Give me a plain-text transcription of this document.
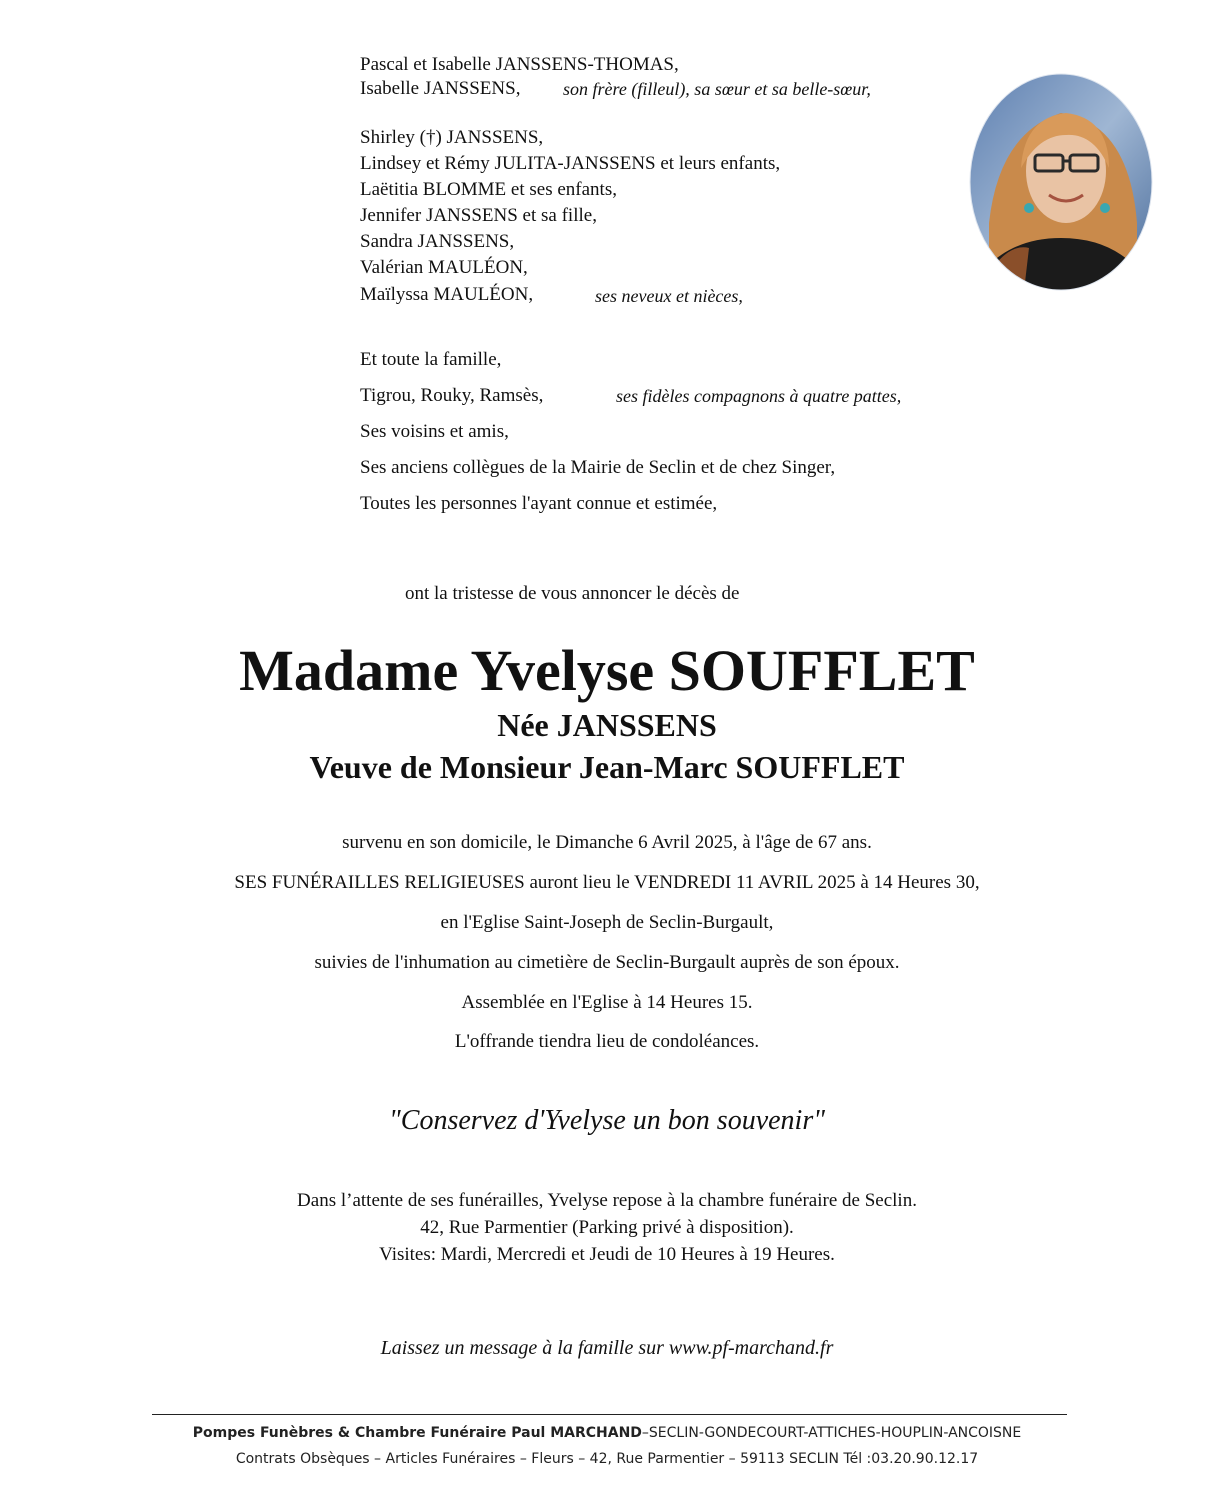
Pascal et Isabelle JANSSENS-THOMAS,
Isabelle JANSSENS, son frère (filleul), sa sœur et sa belle-sœur,
Shirley (†) JANSSENS,
Lindsey et Rémy JULITA-JANSSENS et leurs enfants,
Laëtitia BLOMME et ses enfants,
Jennifer JANSSENS et sa fille,
Sandra JANSSENS,
Valérian MAULÉON,
Maïlyssa MAULÉON,	ses neveux et nièces,
Et toute la famille,
Tigrou, Rouky, Ramsès,	ses fidèles compagnons à quatre pattes,
Ses voisins et amis,
Ses anciens collègues de la Mairie de Seclin et de chez Singer,
Toutes les personnes l'ayant connue et estimée,
ont la tristesse de vous annoncer le décès de
Madame Yvelyse SOUFFLET
Née JANSSENS
Veuve de Monsieur Jean-Marc SOUFFLET
survenu en son domicile, le Dimanche 6 Avril 2025, à l'âge de 67 ans.
SES FUNÉRAILLES RELIGIEUSES auront lieu le VENDREDI 11 AVRIL 2025 à 14 Heures 30,
en l'Eglise Saint-Joseph de Seclin-Burgault,
suivies de l'inhumation au cimetière de Seclin-Burgault auprès de son époux.
Assemblée en l'Eglise à 14 Heures 15.
L'offrande tiendra lieu de condoléances.
"Conservez d'Yvelyse un bon souvenir"
Dans l’attente de ses funérailles, Yvelyse repose à la chambre funéraire de Seclin.
42, Rue Parmentier (Parking privé à disposition).
Visites: Mardi, Mercredi et Jeudi de 10 Heures à 19 Heures.
Laissez un message à la famille sur www.pf-marchand.fr
Pompes Funèbres & Chambre Funéraire Paul MARCHAND–SECLIN-GONDECOURT-ATTICHES-HOUPLIN-ANCOISNE
Contrats Obsèques – Articles Funéraires – Fleurs – 42, Rue Parmentier – 59113 SECLIN Tél :03.20.90.12.17
